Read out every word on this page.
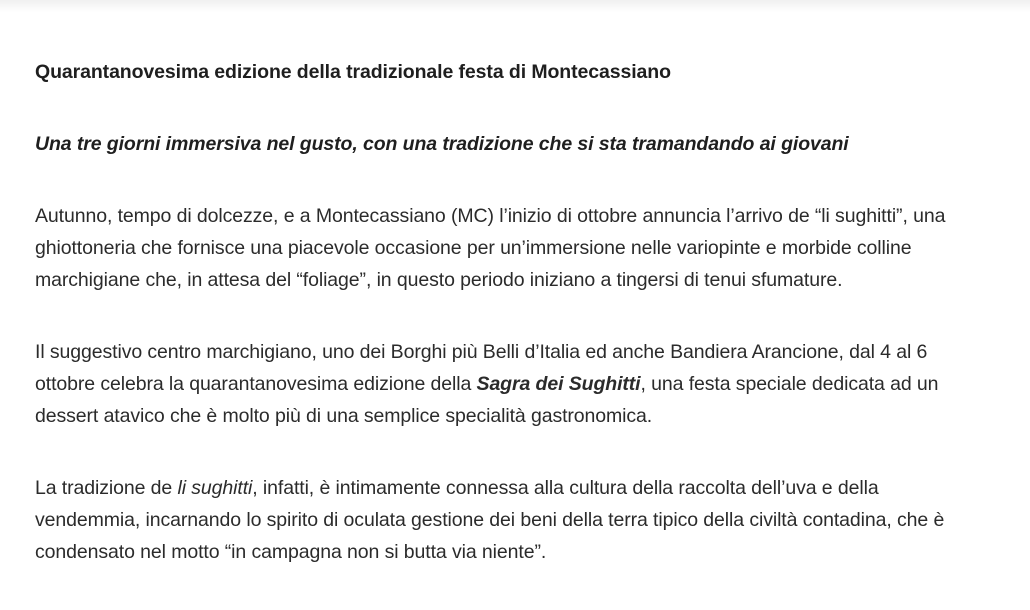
Quarantanovesima edizione della tradizionale festa di Montecassiano

Una tre giorni immersiva nel gusto, con una tradizione che si sta tramandando ai giovani

Autunno, tempo di dolcezze, e a Montecassiano (MC) l’inizio di ottobre annuncia l’arrivo de “li sughitti”, una ghiottoneria che fornisce una piacevole occasione per un’immersione nelle variopinte e morbide colline marchigiane che, in attesa del “foliage”, in questo periodo iniziano a tingersi di tenui sfumature.

Il suggestivo centro marchigiano, uno dei Borghi più Belli d’Italia ed anche Bandiera Arancione, dal 4 al 6 ottobre celebra la quarantanovesima edizione della Sagra dei Sughitti, una festa speciale dedicata ad un dessert atavico che è molto più di una semplice specialità gastronomica.

La tradizione de li sughitti, infatti, è intimamente connessa alla cultura della raccolta dell’uva e della vendemmia, incarnando lo spirito di oculata gestione dei beni della terra tipico della civiltà contadina, che è condensato nel motto “in campagna non si butta via niente”.
